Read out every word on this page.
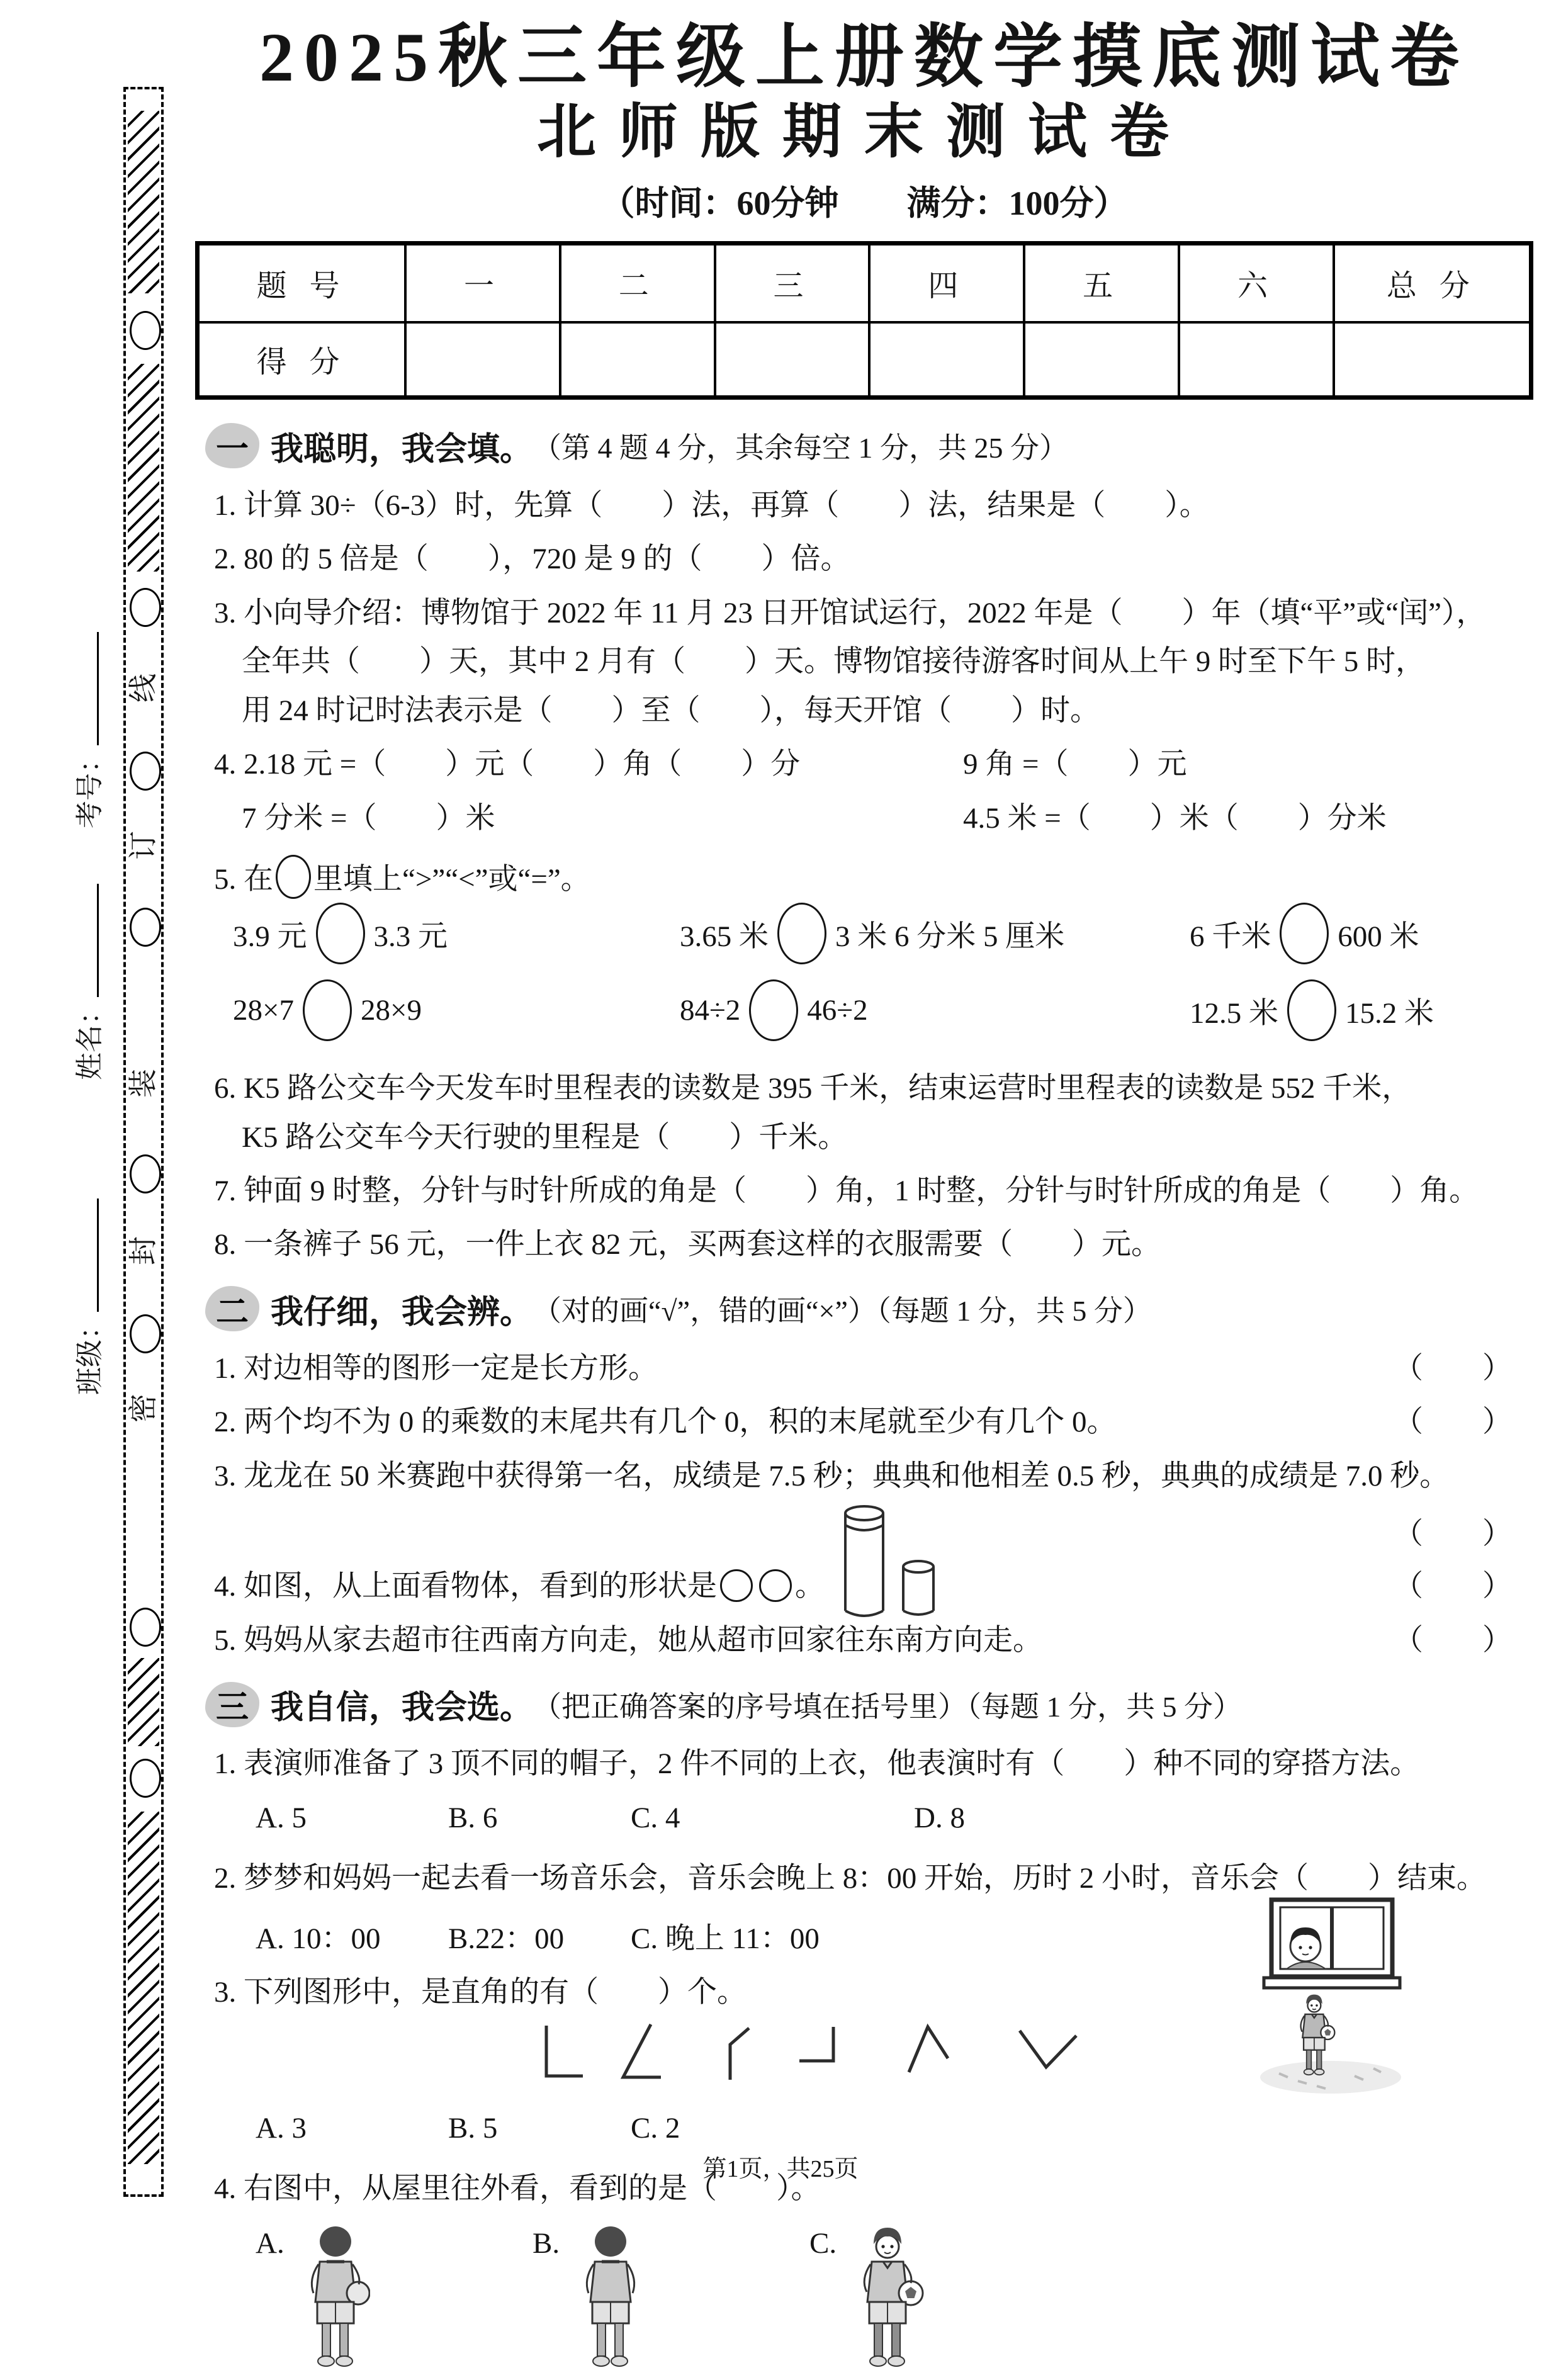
考号：
姓名：
班级：
线
订
装
封
密
2025秋三年级上册数学摸底测试卷
北师版期末测试卷
（时间：60分钟　　满分：100分）
题 号	一	二	三	四	五	六	总 分
得 分							
一 我聪明，我会填。 （第 4 题 4 分，其余每空 1 分，共 25 分）
1. 计算 30÷（6-3）时，先算（　　）法，再算（　　）法，结果是（　　）。
2. 80 的 5 倍是（　　），720 是 9 的（　　）倍。
3. 小向导介绍：博物馆于 2022 年 11 月 23 日开馆试运行，2022 年是（　　）年（填“平”或“闰”），
全年共（　　）天，其中 2 月有（　　）天。博物馆接待游客时间从上午 9 时至下午 5 时，
用 24 时记时法表示是（　　）至（　　），每天开馆（　　）时。
4. 2.18 元 =（　　）元（　　）角（　　）分	9 角 =（　　）元
7 分米 =（　　）米	4.5 米 =（　　）米（　　）分米
5. 在 里填上“>”“<”或“=”。
3.9 元 3.3 元	3.65 米 3 米 6 分米 5 厘米	6 千米 600 米
28×7 28×9	84÷2 46÷2	12.5 米 15.2 米
6. K5 路公交车今天发车时里程表的读数是 395 千米，结束运营时里程表的读数是 552 千米，
K5 路公交车今天行驶的里程是（　　）千米。
7. 钟面 9 时整，分针与时针所成的角是（　　）角，1 时整，分针与时针所成的角是（　　）角。
8. 一条裤子 56 元，一件上衣 82 元，买两套这样的衣服需要（　　）元。
二 我仔细，我会辨。 （对的画“√”，错的画“×”）（每题 1 分，共 5 分）
1. 对边相等的图形一定是长方形。	（　　）
2. 两个均不为 0 的乘数的末尾共有几个 0，积的末尾就至少有几个 0。	（　　）
3. 龙龙在 50 米赛跑中获得第一名，成绩是 7.5 秒；典典和他相差 0.5 秒，典典的成绩是 7.0 秒。
（　　）
4. 如图，从上面看物体，看到的形状是	。	（　　）
5. 妈妈从家去超市往西南方向走，她从超市回家往东南方向走。	（　　）
三 我自信，我会选。 （把正确答案的序号填在括号里）（每题 1 分，共 5 分）
1. 表演师准备了 3 顶不同的帽子，2 件不同的上衣，他表演时有（　　）种不同的穿搭方法。
A. 5	B. 6	C. 4	D. 8
2. 梦梦和妈妈一起去看一场音乐会，音乐会晚上 8：00 开始，历时 2 小时，音乐会（　　）结束。
A. 10：00 B.22：00 C. 晚上 11：00
3. 下列图形中，是直角的有（　　）个。
A. 3	B. 5	C. 2
4. 右图中，从屋里往外看，看到的是（　　）。
A.	B.	C.
第1页，共25页
